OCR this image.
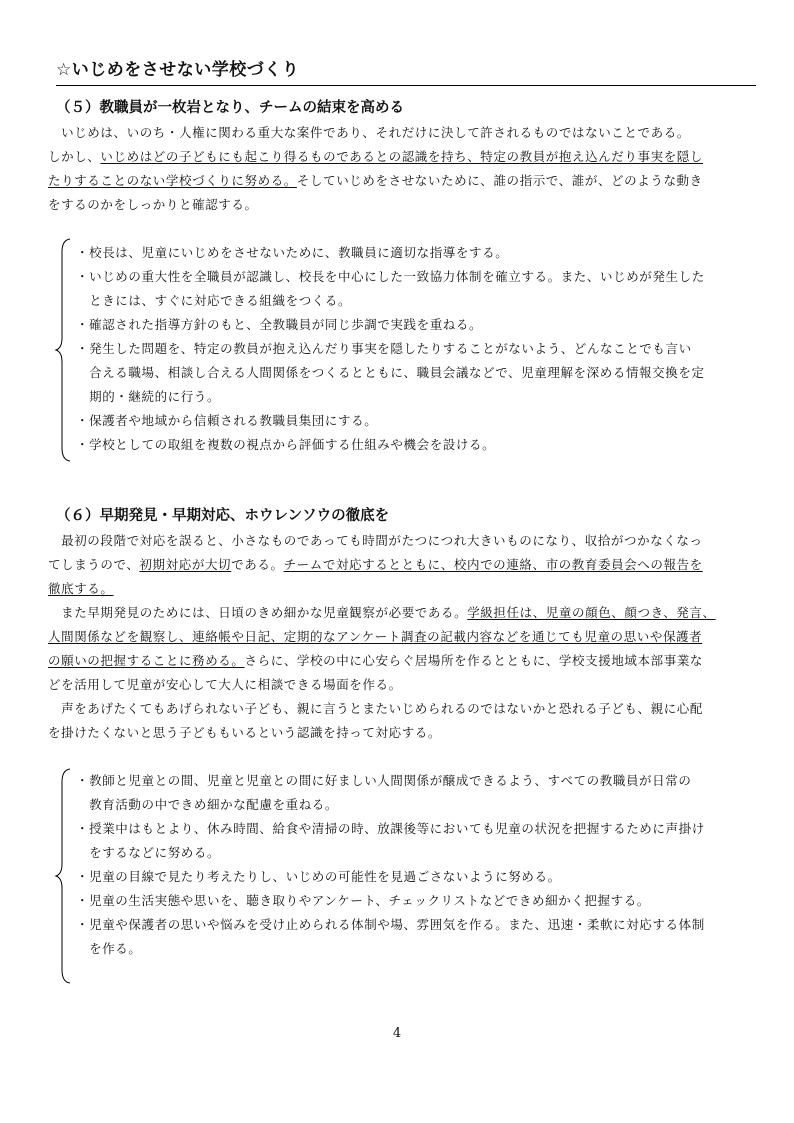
☆いじめをさせない学校づくり
（５）教職員が一枚岩となり、チームの結束を高める
　いじめは、いのち・人権に関わる重大な案件であり、それだけに決して許されるものではないことである。
しかし、いじめはどの子どもにも起こり得るものであるとの認識を持ち、特定の教員が抱え込んだり事実を隠し
たりすることのない学校づくりに努める。そしていじめをさせないために、誰の指示で、誰が、どのような動き
をするのかをしっかりと確認する。
・校長は、児童にいじめをさせないために、教職員に適切な指導をする。
・いじめの重大性を全職員が認識し、校長を中心にした一致協力体制を確立する。また、いじめが発生した
　ときには、すぐに対応できる組織をつくる。
・確認された指導方針のもと、全教職員が同じ歩調で実践を重ねる。
・発生した問題を、特定の教員が抱え込んだり事実を隠したりすることがないよう、どんなことでも言い
　合える職場、相談し合える人間関係をつくるとともに、職員会議などで、児童理解を深める情報交換を定
　期的・継続的に行う。
・保護者や地域から信頼される教職員集団にする。
・学校としての取組を複数の視点から評価する仕組みや機会を設ける。
（６）早期発見・早期対応、ホウレンソウの徹底を
　最初の段階で対応を誤ると、小さなものであっても時間がたつにつれ大きいものになり、収拾がつかなくなっ
てしまうので、初期対応が大切である。チームで対応するとともに、校内での連絡、市の教育委員会への報告を
徹底する。
　また早期発見のためには、日頃のきめ細かな児童観察が必要である。学級担任は、児童の顔色、顔つき、発言、
人間関係などを観察し、連絡帳や日記、定期的なアンケート調査の記載内容などを通じても児童の思いや保護者
の願いの把握することに務める。さらに、学校の中に心安らぐ居場所を作るとともに、学校支援地域本部事業な
どを活用して児童が安心して大人に相談できる場面を作る。
　声をあげたくてもあげられない子ども、親に言うとまたいじめられるのではないかと恐れる子ども、親に心配
を掛けたくないと思う子どももいるという認識を持って対応する。
・教師と児童との間、児童と児童との間に好ましい人間関係が醸成できるよう、すべての教職員が日常の
　教育活動の中できめ細かな配慮を重ねる。
・授業中はもとより、休み時間、給食や清掃の時、放課後等においても児童の状況を把握するために声掛け
　をするなどに努める。
・児童の目線で見たり考えたりし、いじめの可能性を見過ごさないように努める。
・児童の生活実態や思いを、聴き取りやアンケート、チェックリストなどできめ細かく把握する。
・児童や保護者の思いや悩みを受け止められる体制や場、雰囲気を作る。また、迅速・柔軟に対応する体制
　を作る。
4
